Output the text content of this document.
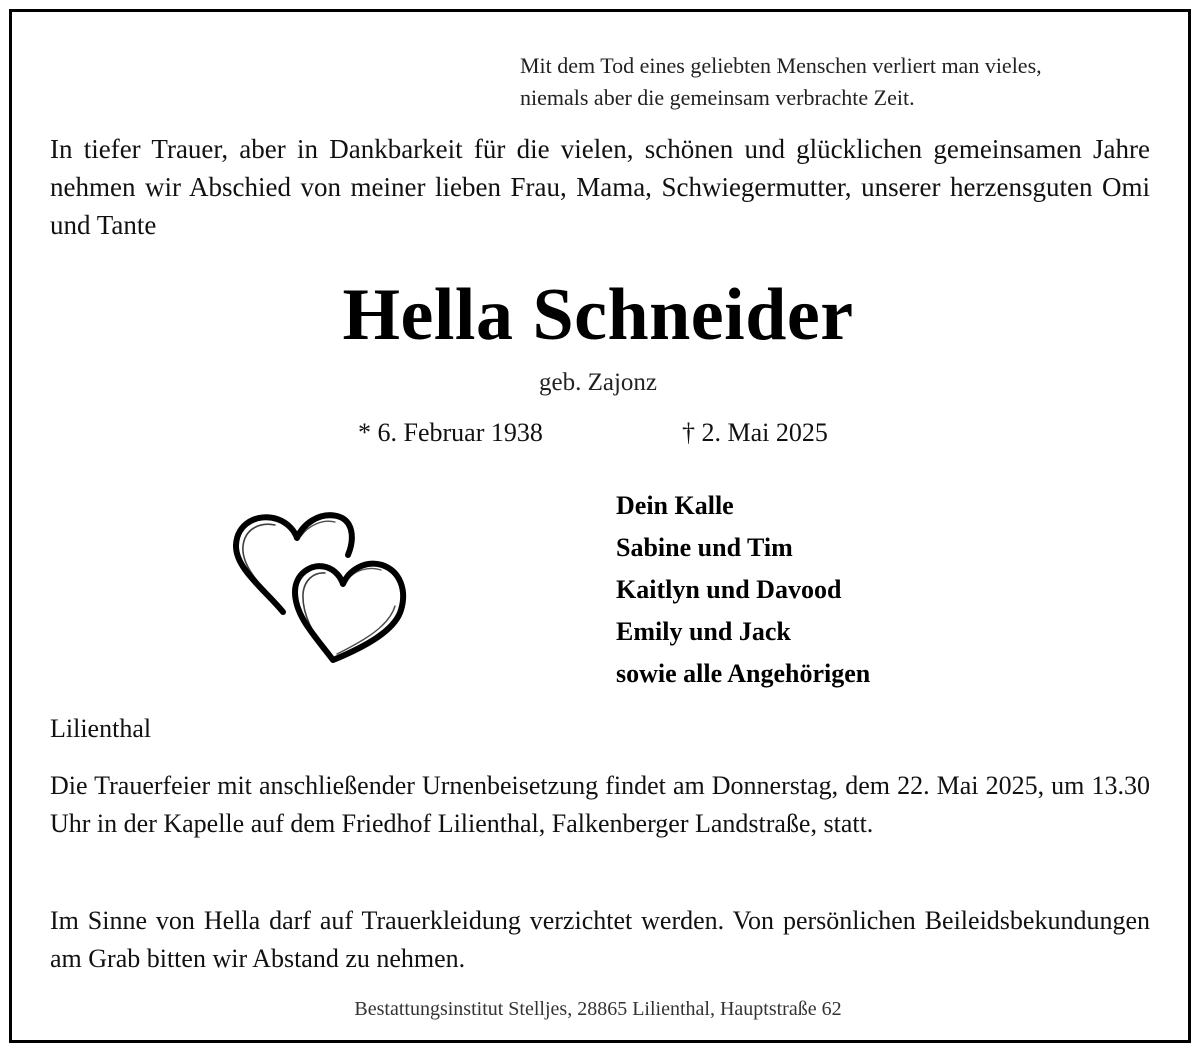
Mit dem Tod eines geliebten Menschen verliert man vieles,
niemals aber die gemeinsam verbrachte Zeit.
In tiefer Trauer, aber in Dankbarkeit für die vielen, schönen und glücklichen gemeinsamen Jahre nehmen wir Abschied von meiner lieben Frau, Mama, Schwiegermutter, unserer herzensguten Omi und Tante
Hella Schneider
geb. Zajonz
* 6. Februar 1938	† 2. Mai 2025
Dein Kalle
Sabine und Tim
Kaitlyn und Davood
Emily und Jack
sowie alle Angehörigen
Lilienthal
Die Trauerfeier mit anschließender Urnenbeisetzung findet am Donnerstag, dem 22. Mai 2025, um 13.30 Uhr in der Kapelle auf dem Friedhof Lilienthal, Falkenberger Landstraße, statt.
Im Sinne von Hella darf auf Trauerkleidung verzichtet werden. Von persönlichen Beileidsbekundungen am Grab bitten wir Abstand zu nehmen.
Bestattungsinstitut Stelljes, 28865 Lilienthal, Hauptstraße 62
